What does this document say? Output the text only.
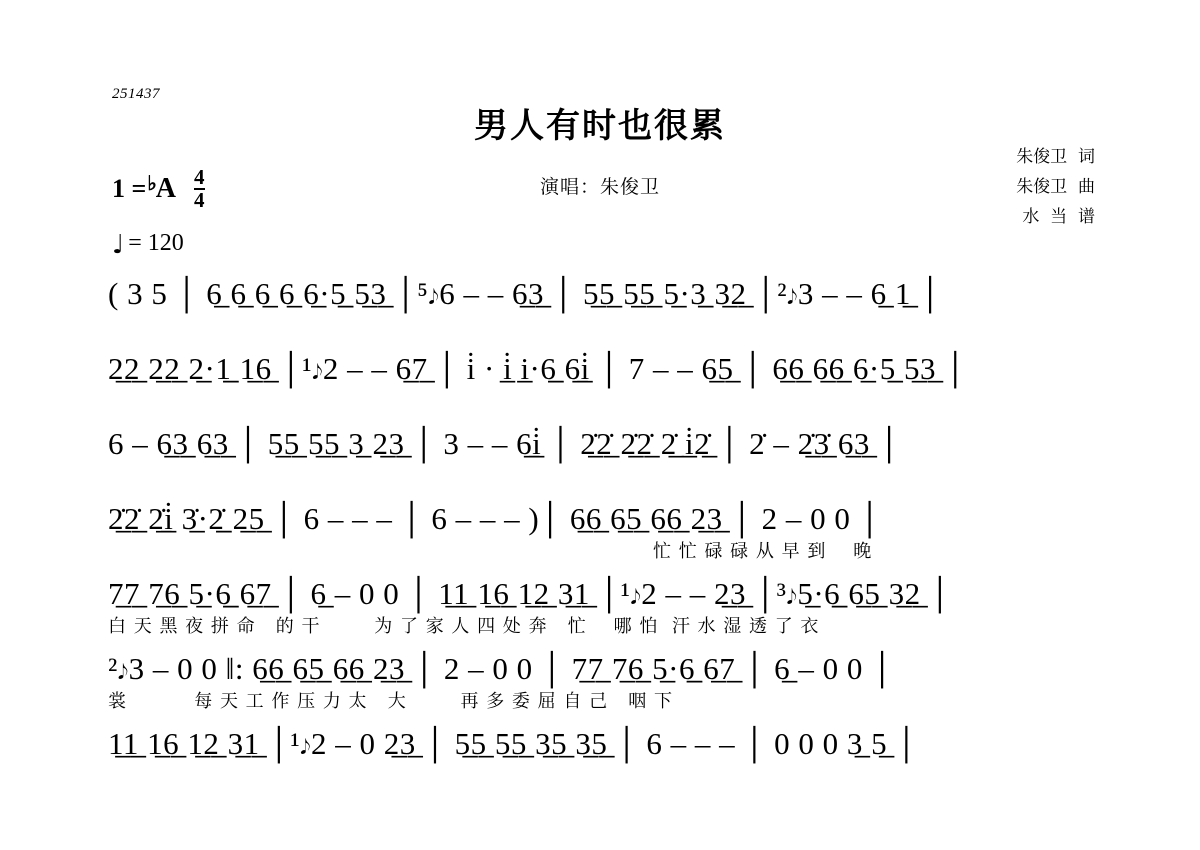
251437
男人有时也很累
演唱：朱俊卫
朱俊卫  词
朱俊卫  曲
水  当  谱
1 = ♭ A $\frac{4}{4}$
♩ = 120
( 3 5 │ 6̲ 6̲ 6̲ 6̲ 6̲·5̲̲ 5̲3̲ │⁵𝆕6 – – 6̲3̲ │ 5̲5̲ 5̲5̲ 5̲·3̲̲ 3̲2̲ │²𝆕3 – – 6̲ 1̲ │
2̲2̲ 2̲2̲ 2̲·1̲̲ 1̲6̲ │¹𝆕2 – – 6̲7̲ │ i̇ · i̲̇ i̲·6̲̲ 6̲i̲̇ │ 7 – – 6̲5̲ │ 6̲6̲ 6̲6̲ 6̲·5̲̲ 5̲3̲ │
6 – 6̲3̲ 6̲3̲ │ 5̲5̲ 5̲5̲ 3̲ 2̲3̲ │ 3 – – 6̲i̲̇ │ 2̲̇2̲̇ 2̲̇2̲̇ 2̲̇ i̲̇2̲̇ │ 2̇ – 2̲̇3̲̇ 6̲3̲ │
2̲̇2̲̇ 2̲̇i̲̇ 3̲̇·2̲̲̇ 2̲5̲ │ 6 – – – │ 6 – – – )│ 6̲6̲ 6̲5̲ 6̲6̲ 2̲3̲ │ 2 – 0 0 │
忙 忙 碌 碌 从 早 到    晚
7̲7̲ 7̲6̲ 5̲·6̲̲ 6̲7̲ │ 6̲ – 0 0 │ 1̲1̲ 1̲6̲ 1̲2̲ 3̲1̲ │¹𝆕2 – – 2̲3̲ │³𝆕5̲·6̲̲ 6̲5̲ 3̲2̲ │
白 天 黑 夜 拼 命   的 干        为 了 家 人 四 处 奔   忙    哪 怕  汗 水 湿 透 了 衣
²𝆕3 – 0 0 ‖: 6̲6̲ 6̲5̲ 6̲6̲ 2̲3̲ │ 2 – 0 0 │ 7̲7̲ 7̲6̲ 5̲·6̲̲ 6̲7̲ │ 6̲ – 0 0 │
裳          每 天 工 作 压 力 太   大        再 多 委 屈 自 己   咽 下
1̲1̲ 1̲6̲ 1̲2̲ 3̲1̲ │¹𝆕2 – 0 2̲3̲ │ 5̲5̲ 5̲5̲ 3̲5̲ 3̲5̲ │ 6 – – – │ 0 0 0 3̲ 5̲ │
